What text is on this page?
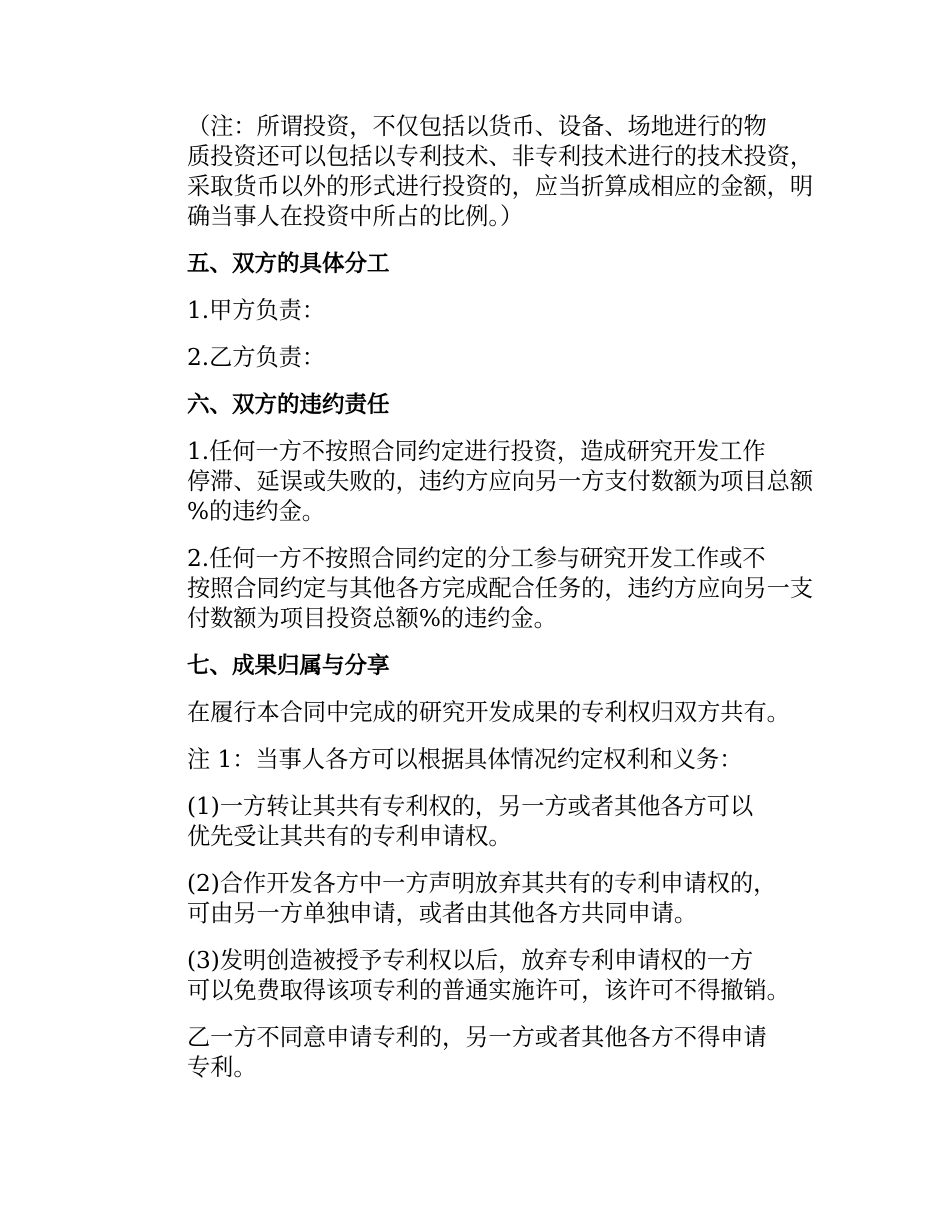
（注：所谓投资，不仅包括以货币、设备、场地进行的物
质投资还可以包括以专利技术、非专利技术进行的技术投资，
采取货币以外的形式进行投资的，应当折算成相应的金额，明
确当事人在投资中所占的比例。）

五、双方的具体分工

1.甲方负责：

2.乙方负责：

六、双方的违约责任

1.任何一方不按照合同约定进行投资，造成研究开发工作
停滞、延误或失败的，违约方应向另一方支付数额为项目总额
%的违约金。

2.任何一方不按照合同约定的分工参与研究开发工作或不
按照合同约定与其他各方完成配合任务的，违约方应向另一支
付数额为项目投资总额%的违约金。

七、成果归属与分享

在履行本合同中完成的研究开发成果的专利权归双方共有。

注 1：当事人各方可以根据具体情况约定权利和义务：

(1)一方转让其共有专利权的，另一方或者其他各方可以
优先受让其共有的专利申请权。

(2)合作开发各方中一方声明放弃其共有的专利申请权的，
可由另一方单独申请，或者由其他各方共同申请。

(3)发明创造被授予专利权以后，放弃专利申请权的一方
可以免费取得该项专利的普通实施许可，该许可不得撤销。

乙一方不同意申请专利的，另一方或者其他各方不得申请
专利。
